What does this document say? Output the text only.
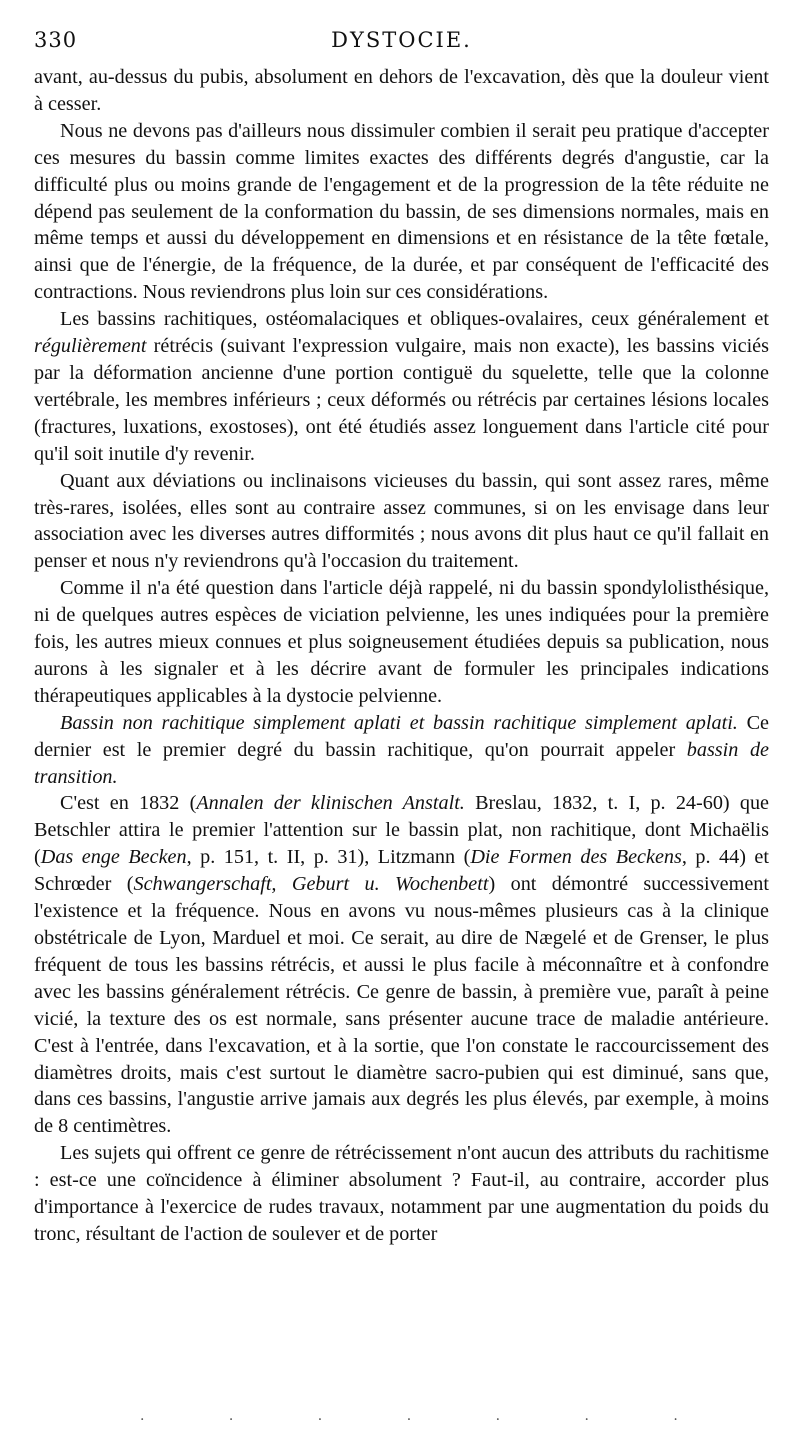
330	DYSTOCIE.

avant, au-dessus du pubis, absolument en dehors de l'excavation, dès que la douleur vient à cesser.

Nous ne devons pas d'ailleurs nous dissimuler combien il serait peu pratique d'accepter ces mesures du bassin comme limites exactes des différents degrés d'angustie, car la difficulté plus ou moins grande de l'engagement et de la progression de la tête réduite ne dépend pas seulement de la conformation du bassin, de ses dimensions normales, mais en même temps et aussi du développement en dimensions et en résistance de la tête fœtale, ainsi que de l'énergie, de la fréquence, de la durée, et par conséquent de l'efficacité des contractions. Nous reviendrons plus loin sur ces considérations.

Les bassins rachitiques, ostéomalaciques et obliques-ovalaires, ceux généralement et régulièrement rétrécis (suivant l'expression vulgaire, mais non exacte), les bassins viciés par la déformation ancienne d'une portion contiguë du squelette, telle que la colonne vertébrale, les membres inférieurs ; ceux déformés ou rétrécis par certaines lésions locales (fractures, luxations, exostoses), ont été étudiés assez longuement dans l'article cité pour qu'il soit inutile d'y revenir.

Quant aux déviations ou inclinaisons vicieuses du bassin, qui sont assez rares, même très-rares, isolées, elles sont au contraire assez communes, si on les envisage dans leur association avec les diverses autres difformités ; nous avons dit plus haut ce qu'il fallait en penser et nous n'y reviendrons qu'à l'occasion du traitement.

Comme il n'a été question dans l'article déjà rappelé, ni du bassin spondylolisthésique, ni de quelques autres espèces de viciation pelvienne, les unes indiquées pour la première fois, les autres mieux connues et plus soigneusement étudiées depuis sa publication, nous aurons à les signaler et à les décrire avant de formuler les principales indications thérapeutiques applicables à la dystocie pelvienne.

Bassin non rachitique simplement aplati et bassin rachitique simplement aplati. Ce dernier est le premier degré du bassin rachitique, qu'on pourrait appeler bassin de transition.

C'est en 1832 (Annalen der klinischen Anstalt. Breslau, 1832, t. I, p. 24-60) que Betschler attira le premier l'attention sur le bassin plat, non rachitique, dont Michaëlis (Das enge Becken, p. 151, t. II, p. 31), Litzmann (Die Formen des Beckens, p. 44) et Schrœder (Schwangerschaft, Geburt u. Wochenbett) ont démontré successivement l'existence et la fréquence. Nous en avons vu nous-mêmes plusieurs cas à la clinique obstétricale de Lyon, Marduel et moi. Ce serait, au dire de Nægelé et de Grenser, le plus fréquent de tous les bassins rétrécis, et aussi le plus facile à méconnaître et à confondre avec les bassins généralement rétrécis. Ce genre de bassin, à première vue, paraît à peine vicié, la texture des os est normale, sans présenter aucune trace de maladie antérieure. C'est à l'entrée, dans l'excavation, et à la sortie, que l'on constate le raccourcissement des diamètres droits, mais c'est surtout le diamètre sacro-pubien qui est diminué, sans que, dans ces bassins, l'angustie arrive jamais aux degrés les plus élevés, par exemple, à moins de 8 centimètres.

Les sujets qui offrent ce genre de rétrécissement n'ont aucun des attributs du rachitisme : est-ce une coïncidence à éliminer absolument ? Faut-il, au contraire, accorder plus d'importance à l'exercice de rudes travaux, notamment par une augmentation du poids du tronc, résultant de l'action de soulever et de porter

· · · · · · ·
